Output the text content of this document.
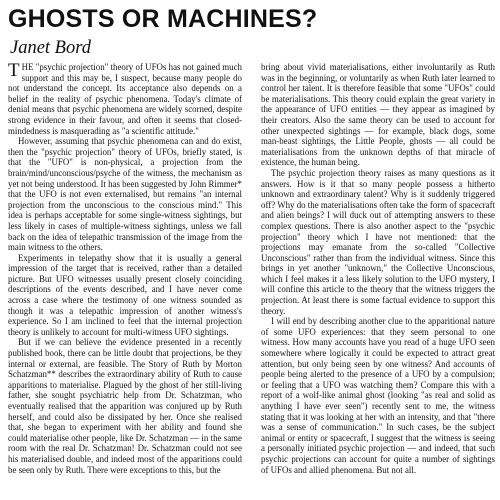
GHOSTS OR MACHINES?
Janet Bord

THE "psychic projection" theory of UFOs has not gained much support and this may be, I suspect, because many people do not understand the concept. Its acceptance also depends on a belief in the reality of psychic phenomena. Today's climate of denial means that psychic phenomena are widely scorned, despite strong evidence in their favour, and often it seems that closed-mindedness is masquerading as "a scientific attitude."

However, assuming that psychic phenomena can and do exist, then the "psychic projection" theory of UFOs, briefly stated, is that the "UFO" is non-physical, a projection from the brain/mind/unconscious/psyche of the witness, the mechanism as yet not being understood. It has been suggested by John Rimmer* that the UFO is not even externalised, but remains "an internal projection from the unconscious to the conscious mind." This idea is perhaps acceptable for some single-witness sightings, but less likely in cases of multiple-witness sightings, unless we fall back on the idea of telepathic transmission of the image from the main witness to the others.

Experiments in telepathy show that it is usually a general impression of the target that is received, rather than a detailed picture. But UFO witnesses usually present closely coinciding descriptions of the events described, and I have never come across a case where the testimony of one witness sounded as though it was a telepathic impression of another witness's experience. So I am inclined to feel that the internal projection theory is unlikely to account for multi-witness UFO sightings.

But if we can believe the evidence presented in a recently published book, there can be little doubt that projections, be they internal or external, are feasible. The Story of Ruth by Morton Schatzman** describes the extraordinary ability of Ruth to cause apparitions to materialise. Plagued by the ghost of her still-living father, she sought psychiatric help from Dr. Schatzman, who eventually realised that the apparition was conjured up by Ruth herself, and could also be dissipated by her. Once she realised that, she began to experiment with her ability and found she could materialise other people, like Dr. Schatzman — in the same room with the real Dr. Schatzman! Dr. Schatzman could not see his materialised double, and indeed most of the apparitions could be seen only by Ruth. There were exceptions to this, but the

bring about vivid materialisations, either involuntarily as Ruth was in the beginning, or voluntarily as when Ruth later learned to control her talent. It is therefore feasible that some "UFOs" could be materialisations. This theory could explain the great variety in the appearance of UFO entities — they appear as imagined by their creators. Also the same theory can be used to account for other unexpected sightings — for example, black dogs, some man-beast sightings, the Little People, ghosts — all could be materialisations from the unknown depths of that miracle of existence, the human being.

The psychic projection theory raises as many questions as it answers. How is it that so many people possess a hitherto unknown and extraordinary talent? Why is it suddenly triggered off? Why do the materialisations often take the form of spacecraft and alien beings? I will duck out of attempting answers to these complex questions. There is also another aspect to the "psychic projection" theory which I have not mentioned: that the projections may emanate from the so-called "Collective Unconscious" rather than from the individual witness. Since this brings in yet another "unknown," the Collective Unconscious, which I feel makes it a less likely solution to the UFO mystery, I will confine this article to the theory that the witness triggers the projection. At least there is some factual evidence to support this theory.

I will end by describing another clue to the apparitional nature of some UFO experiences: that they seem personal to one witness. How many accounts have you read of a huge UFO seen somewhere where logically it could be expected to attract great attention, but only being seen by one witness? And accounts of people being alerted to the presence of a UFO by a compulsion; or feeling that a UFO was watching them? Compare this with a report of a wolf-like animal ghost (looking "as real and solid as anything I have ever seen") recently sent to me, the witness stating that it was looking at her with an intensity, and that "there was a sense of communication." In such cases, be the subject animal or entity or spacecraft, I suggest that the witness is seeing a personally initiated psychic projection — and indeed, that such psychic projections can account for quite a number of sightings of UFOs and allied phenomena. But not all.
